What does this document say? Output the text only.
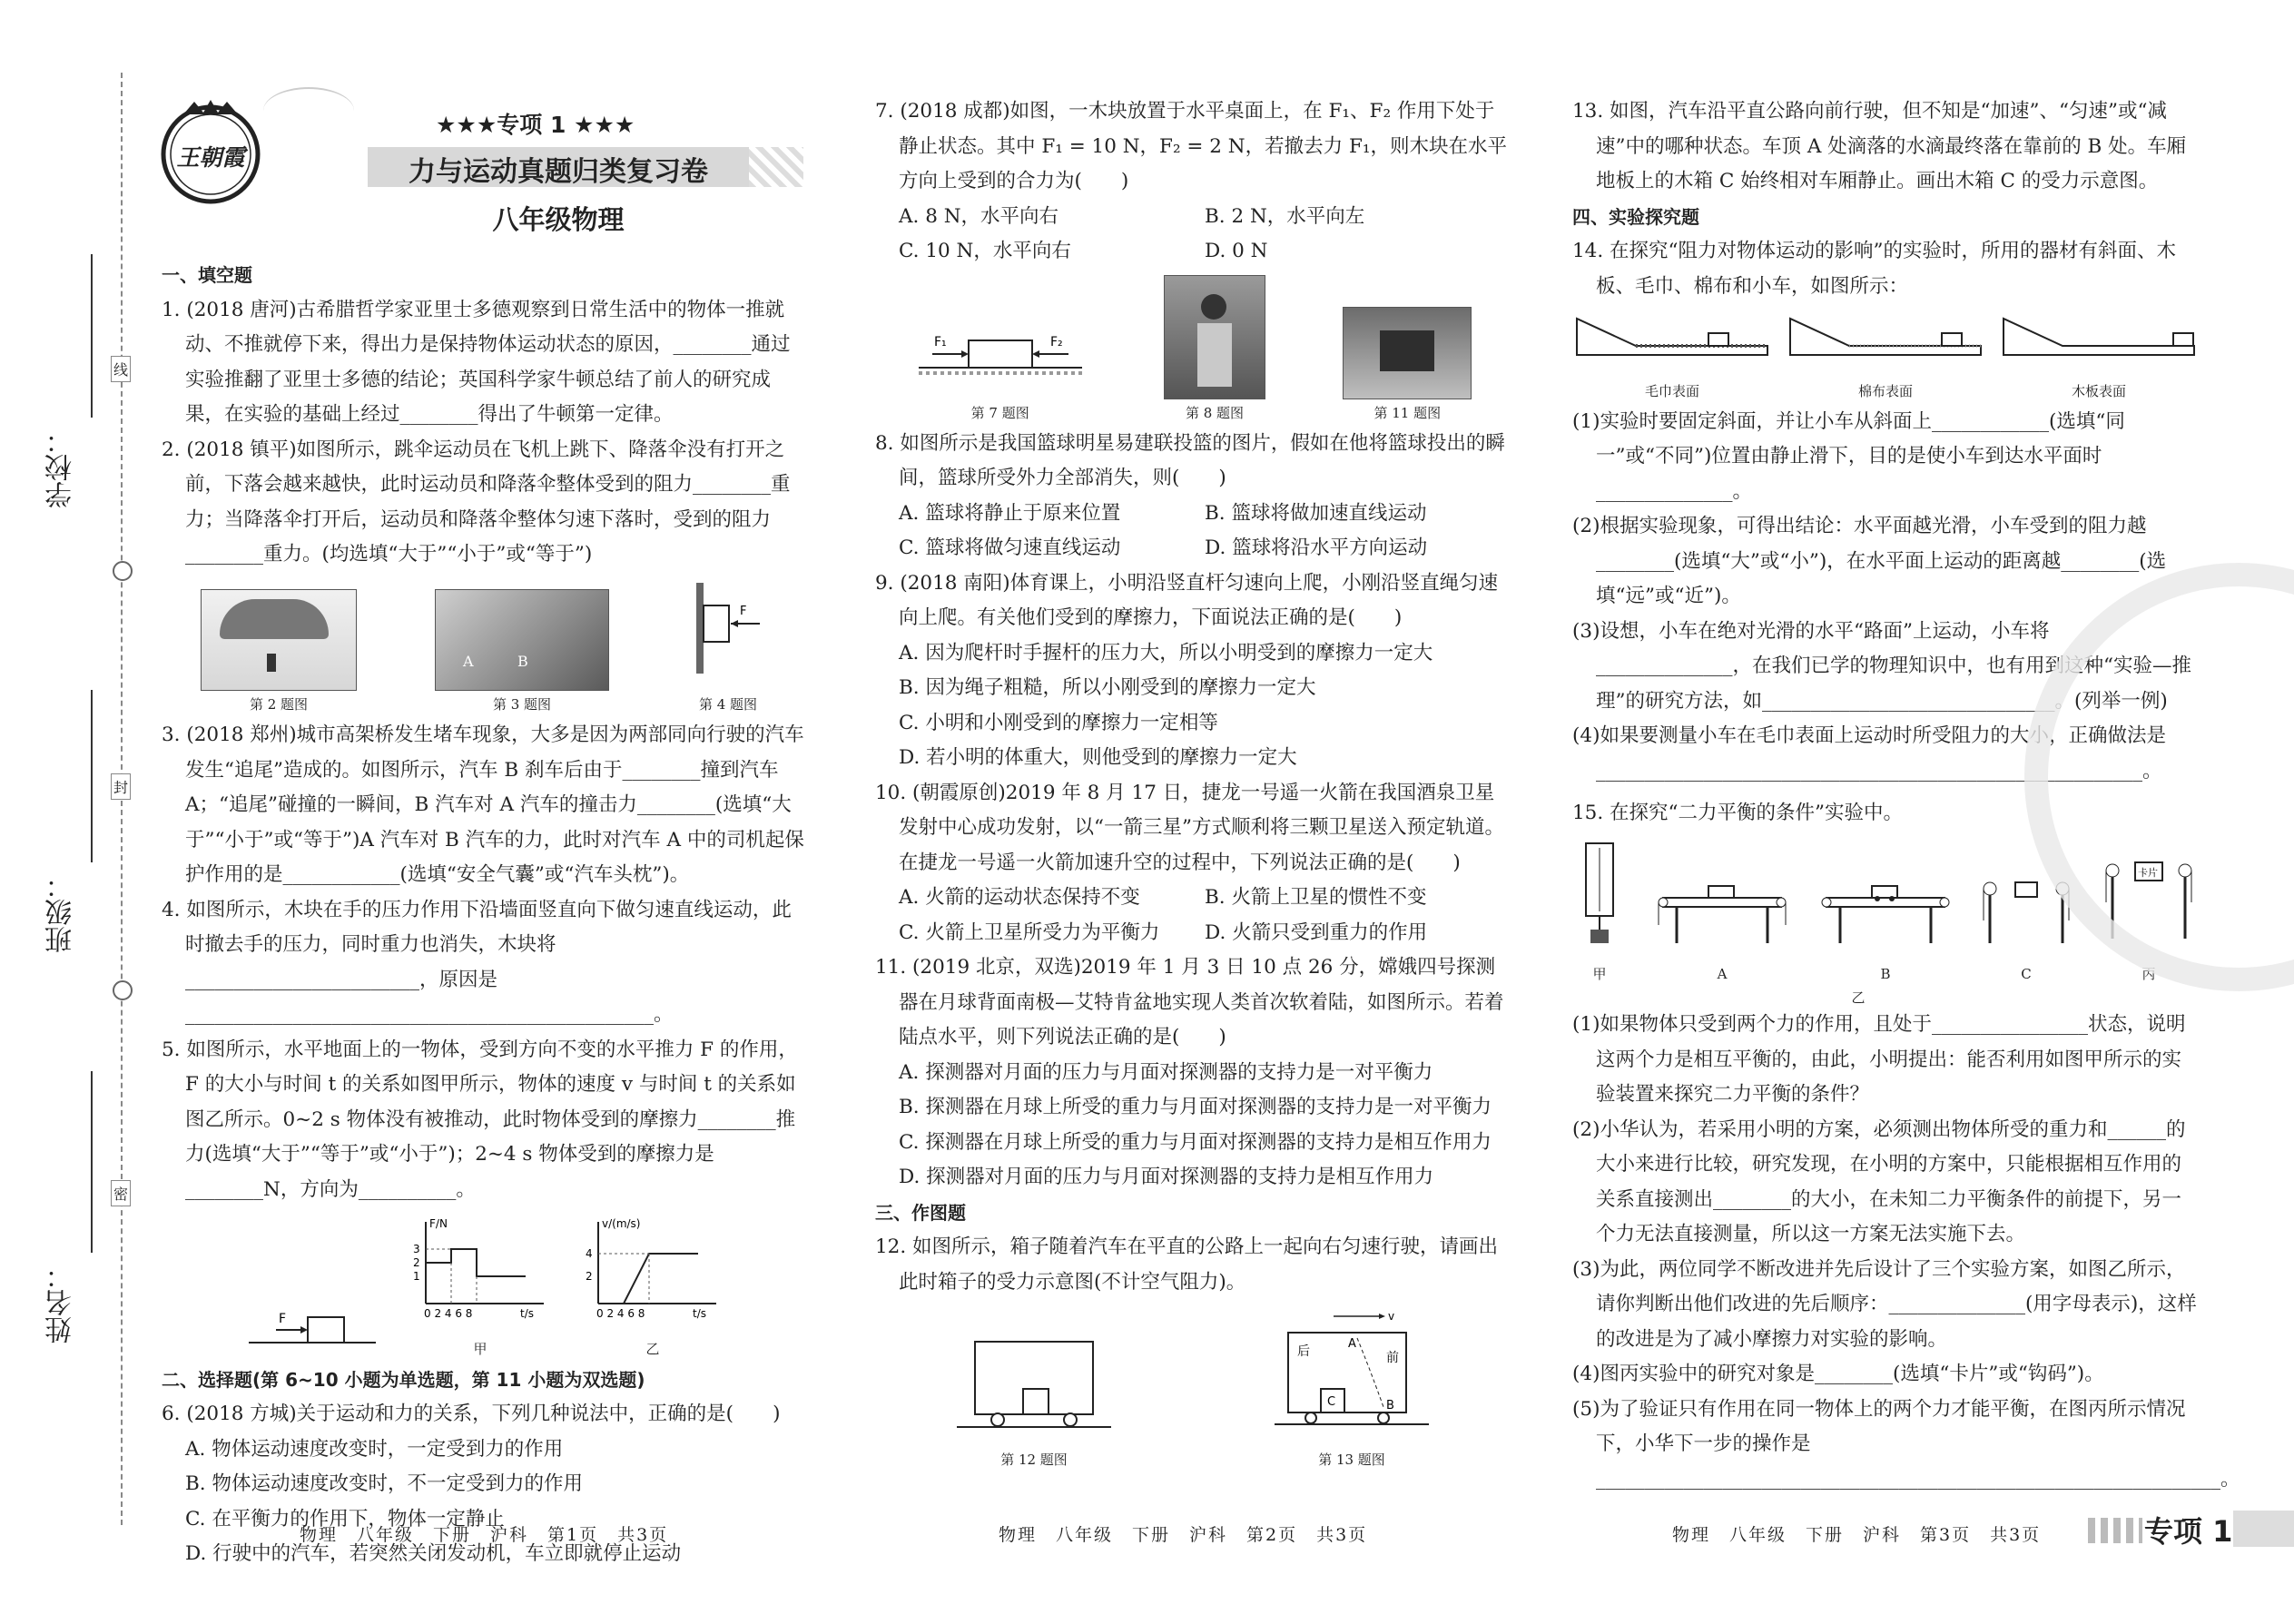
学校：
班级：
姓名：
线
封
密
王朝霞
★★★专项 1 ★★★
力与运动真题归类复习卷
八年级物理

一、填空题

1. (2018 唐河)古希腊哲学家亚里士多德观察到日常生活中的物体一推就动、不推就停下来，得出力是保持物体运动状态的原因，________通过实验推翻了亚里士多德的结论；英国科学家牛顿总结了前人的研究成果，在实验的基础上经过________得出了牛顿第一定律。

2. (2018 镇平)如图所示，跳伞运动员在飞机上跳下、降落伞没有打开之前，下落会越来越快，此时运动员和降落伞整体受到的阻力________重力；当降落伞打开后，运动员和降落伞整体匀速下落时，受到的阻力________重力。(均选填“大于”“小于”或“等于”)

第 2 题图
A	B
第 3 题图
F
第 4 题图

3. (2018 郑州)城市高架桥发生堵车现象，大多是因为两部同向行驶的汽车发生“追尾”造成的。如图所示，汽车 B 刹车后由于________撞到汽车 A；“追尾”碰撞的一瞬间，B 汽车对 A 汽车的撞击力________(选填“大于”“小于”或“等于”)A 汽车对 B 汽车的力，此时对汽车 A 中的司机起保护作用的是____________(选填“安全气囊”或“汽车头枕”)。

4. 如图所示，木块在手的压力作用下沿墙面竖直向下做匀速直线运动，此时撤去手的压力，同时重力也消失，木块将________________________，原因是________________________________________________。

5. 如图所示，水平地面上的一物体，受到方向不变的水平推力 F 的作用，F 的大小与时间 t 的关系如图甲所示，物体的速度 v 与时间 t 的关系如图乙所示。0~2 s 物体没有被推动，此时物体受到的摩擦力________推力(选填“大于”“等于”或“小于”)；2~4 s 物体受到的摩擦力是________N，方向为__________。

F
3
2
1
0 2 4 6 8
F/N
t/s
甲
4
2
0 2 4 6 8
v/(m/s)
t/s
乙

二、选择题(第 6~10 小题为单选题，第 11 小题为双选题)

6. (2018 方城)关于运动和力的关系，下列几种说法中，正确的是(　　)

A. 物体运动速度改变时，一定受到力的作用

B. 物体运动速度改变时，不一定受到力的作用

C. 在平衡力的作用下，物体一定静止

D. 行驶中的汽车，若突然关闭发动机，车立即就停止运动

7. (2018 成都)如图，一木块放置于水平桌面上，在 F₁、F₂ 作用下处于静止状态。其中 F₁ = 10 N，F₂ = 2 N，若撤去力 F₁，则木块在水平方向上受到的合力为(　　)

A. 8 N，水平向右	B. 2 N，水平向左
C. 10 N，水平向右	D. 0 N
F₁	F₂
第 7 题图	第 8 题图	第 11 题图

8. 如图所示是我国篮球明星易建联投篮的图片，假如在他将篮球投出的瞬间，篮球所受外力全部消失，则(　　)

A. 篮球将静止于原来位置	B. 篮球将做加速直线运动
C. 篮球将做匀速直线运动	D. 篮球将沿水平方向运动

9. (2018 南阳)体育课上，小明沿竖直杆匀速向上爬，小刚沿竖直绳匀速向上爬。有关他们受到的摩擦力，下面说法正确的是(　　)

A. 因为爬杆时手握杆的压力大，所以小明受到的摩擦力一定大

B. 因为绳子粗糙，所以小刚受到的摩擦力一定大

C. 小明和小刚受到的摩擦力一定相等

D. 若小明的体重大，则他受到的摩擦力一定大

10. (朝霞原创)2019 年 8 月 17 日，捷龙一号遥一火箭在我国酒泉卫星发射中心成功发射，以“一箭三星”方式顺利将三颗卫星送入预定轨道。在捷龙一号遥一火箭加速升空的过程中，下列说法正确的是(　　)

A. 火箭的运动状态保持不变	B. 火箭上卫星的惯性不变
C. 火箭上卫星所受力为平衡力	D. 火箭只受到重力的作用

11. (2019 北京，双选)2019 年 1 月 3 日 10 点 26 分，嫦娥四号探测器在月球背面南极—艾特肯盆地实现人类首次软着陆，如图所示。若着陆点水平，则下列说法正确的是(　　)

A. 探测器对月面的压力与月面对探测器的支持力是一对平衡力

B. 探测器在月球上所受的重力与月面对探测器的支持力是一对平衡力

C. 探测器在月球上所受的重力与月面对探测器的支持力是相互作用力

D. 探测器对月面的压力与月面对探测器的支持力是相互作用力

三、作图题

12. 如图所示，箱子随着汽车在平直的公路上一起向右匀速行驶，请画出此时箱子的受力示意图(不计空气阻力)。

第 12 题图
v
后	前
A
B
C
第 13 题图

13. 如图，汽车沿平直公路向前行驶，但不知是“加速”、“匀速”或“减速”中的哪种状态。车顶 A 处滴落的水滴最终落在靠前的 B 处。车厢地板上的木箱 C 始终相对车厢静止。画出木箱 C 的受力示意图。

四、实验探究题

14. 在探究“阻力对物体运动的影响”的实验时，所用的器材有斜面、木板、毛巾、棉布和小车，如图所示：

毛巾表面	棉布表面	木板表面

(1)实验时要固定斜面，并让小车从斜面上____________(选填“同一”或“不同”)位置由静止滑下，目的是使小车到达水平面时______________。

(2)根据实验现象，可得出结论：水平面越光滑，小车受到的阻力越________(选填“大”或“小”)，在水平面上运动的距离越________(选填“远”或“近”)。

(3)设想，小车在绝对光滑的水平“路面”上运动，小车将______________，在我们已学的物理知识中，也有用到这种“实验—推理”的研究方法，如______________________________。(列举一例)

(4)如果要测量小车在毛巾表面上运动时所受阻力的大小，正确做法是________________________________________________________。

15. 在探究“二力平衡的条件”实验中。

甲	A	B	C
卡片
丙
乙

(1)如果物体只受到两个力的作用，且处于________________状态，说明这两个力是相互平衡的，由此，小明提出：能否利用如图甲所示的实验装置来探究二力平衡的条件？

(2)小华认为，若采用小明的方案，必须测出物体所受的重力和______的大小来进行比较，研究发现，在小明的方案中，只能根据相互作用的关系直接测出________的大小，在未知二力平衡条件的前提下，另一个力无法直接测量，所以这一方案无法实施下去。

(3)为此，两位同学不断改进并先后设计了三个实验方案，如图乙所示，请你判断出他们改进的先后顺序：______________(用字母表示)，这样的改进是为了减小摩擦力对实验的影响。

(4)图丙实验中的研究对象是________(选填“卡片”或“钩码”)。

(5)为了验证只有作用在同一物体上的两个力才能平衡，在图丙所示情况下，小华下一步的操作是________________________________________________________________。

物理　八年级　下册　沪科　第1页　共3页	物理　八年级　下册　沪科　第2页　共3页	物理　八年级　下册　沪科　第3页　共3页	专项 1
